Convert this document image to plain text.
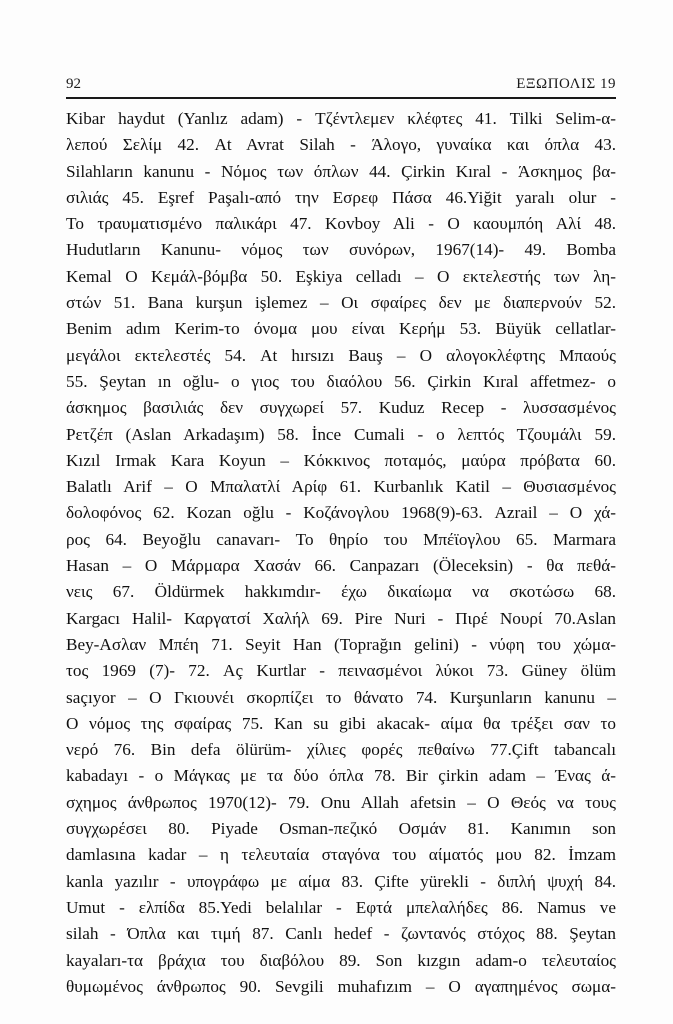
92	ΕΞΩΠΟΛΙΣ 19
Kibar haydut (Yanlız adam) - Τζέντλεμεν κλέφτες 41. Tilki Selim-α-
λεπού Σελίμ 42. At Avrat Silah - Άλογο, γυναίκα και όπλα 43.
Silahların kanunu - Νόμος των όπλων 44. Çirkin Kıral - Άσκημος βα-
σιλιάς 45. Eşref Paşalı-από την Εσρεφ Πάσα 46.Yiğit yaralı olur -
Το τραυματισμένο παλικάρι 47. Kovboy Ali - Ο καουμπόη Αλί 48.
Hudutların Kanunu- νόμος των συνόρων, 1967(14)- 49. Bomba
Kemal Ο Κεμάλ-βόμβα 50. Eşkiya celladı – Ο εκτελεστής των λη-
στών 51. Bana kurşun işlemez – Οι σφαίρες δεν με διαπερνούν 52.
Benim adım Kerim-το όνομα μου είναι Κερήμ 53. Büyük cellatlar-
μεγάλοι εκτελεστές 54. At hırsızı Bauş – Ο αλογοκλέφτης Μπαούς
55. Şeytan ın oğlu- ο γιος του διαόλου 56. Çirkin Kıral affetmez- ο
άσκημος βασιλιάς δεν συγχωρεί 57. Kuduz Recep - λυσσασμένος
Ρετζέπ (Aslan Arkadaşım) 58. İnce Cumali - ο λεπτός Τζουμάλι 59.
Kızıl Irmak Kara Koyun – Κόκκινος ποταμός, μαύρα πρόβατα 60.
Balatlı Arif – Ο Μπαλατλί Αρίφ 61. Kurbanlık Katil – Θυσιασμένος
δολοφόνος 62. Kozan oğlu - Κοζάνογλου 1968(9)-63. Azrail – Ο χά-
ρος 64. Beyoğlu canavarı- Το θηρίο του Μπέϊογλου 65. Marmara
Hasan – Ο Μάρμαρα Χασάν 66. Canpazarı (Öleceksin) - θα πεθά-
νεις 67. Öldürmek hakkımdır- έχω δικαίωμα να σκοτώσω 68.
Kargacı Halil- Καργατσί Χαλήλ 69. Pire Nuri - Πιρέ Νουρί 70.Aslan
Bey-Ασλαν Μπέη 71. Seyit Han (Toprağın gelini) - νύφη του χώμα-
τος 1969 (7)- 72. Aç Kurtlar - πεινασμένοι λύκοι 73. Güney ölüm
saçıyor – Ο Γκιουνέι σκορπίζει το θάνατο 74. Kurşunların kanunu –
Ο νόμος της σφαίρας 75. Kan su gibi akacak- αίμα θα τρέξει σαν το
νερό 76. Bin defa ölürüm- χίλιες φορές πεθαίνω 77.Çift tabancalı
kabadayı - ο Μάγκας με τα δύο όπλα 78. Bir çirkin adam – Ένας ά-
σχημος άνθρωπος 1970(12)- 79. Onu Allah afetsin – Ο Θεός να τους
συγχωρέσει 80. Piyade Osman-πεζικό Οσμάν 81. Kanımın son
damlasına kadar – η τελευταία σταγόνα του αίματός μου 82. İmzam
kanla yazılır - υπογράφω με αίμα 83. Çifte yürekli - διπλή ψυχή 84.
Umut - ελπίδα 85.Yedi belalılar - Εφτά μπελαλήδες 86. Namus ve
silah - Όπλα και τιμή 87. Canlı hedef - ζωντανός στόχος 88. Şeytan
kayaları-τα βράχια του διαβόλου 89. Son kızgın adam-ο τελευταίος
θυμωμένος άνθρωπος 90. Sevgili muhafızım – Ο αγαπημένος σωμα-
